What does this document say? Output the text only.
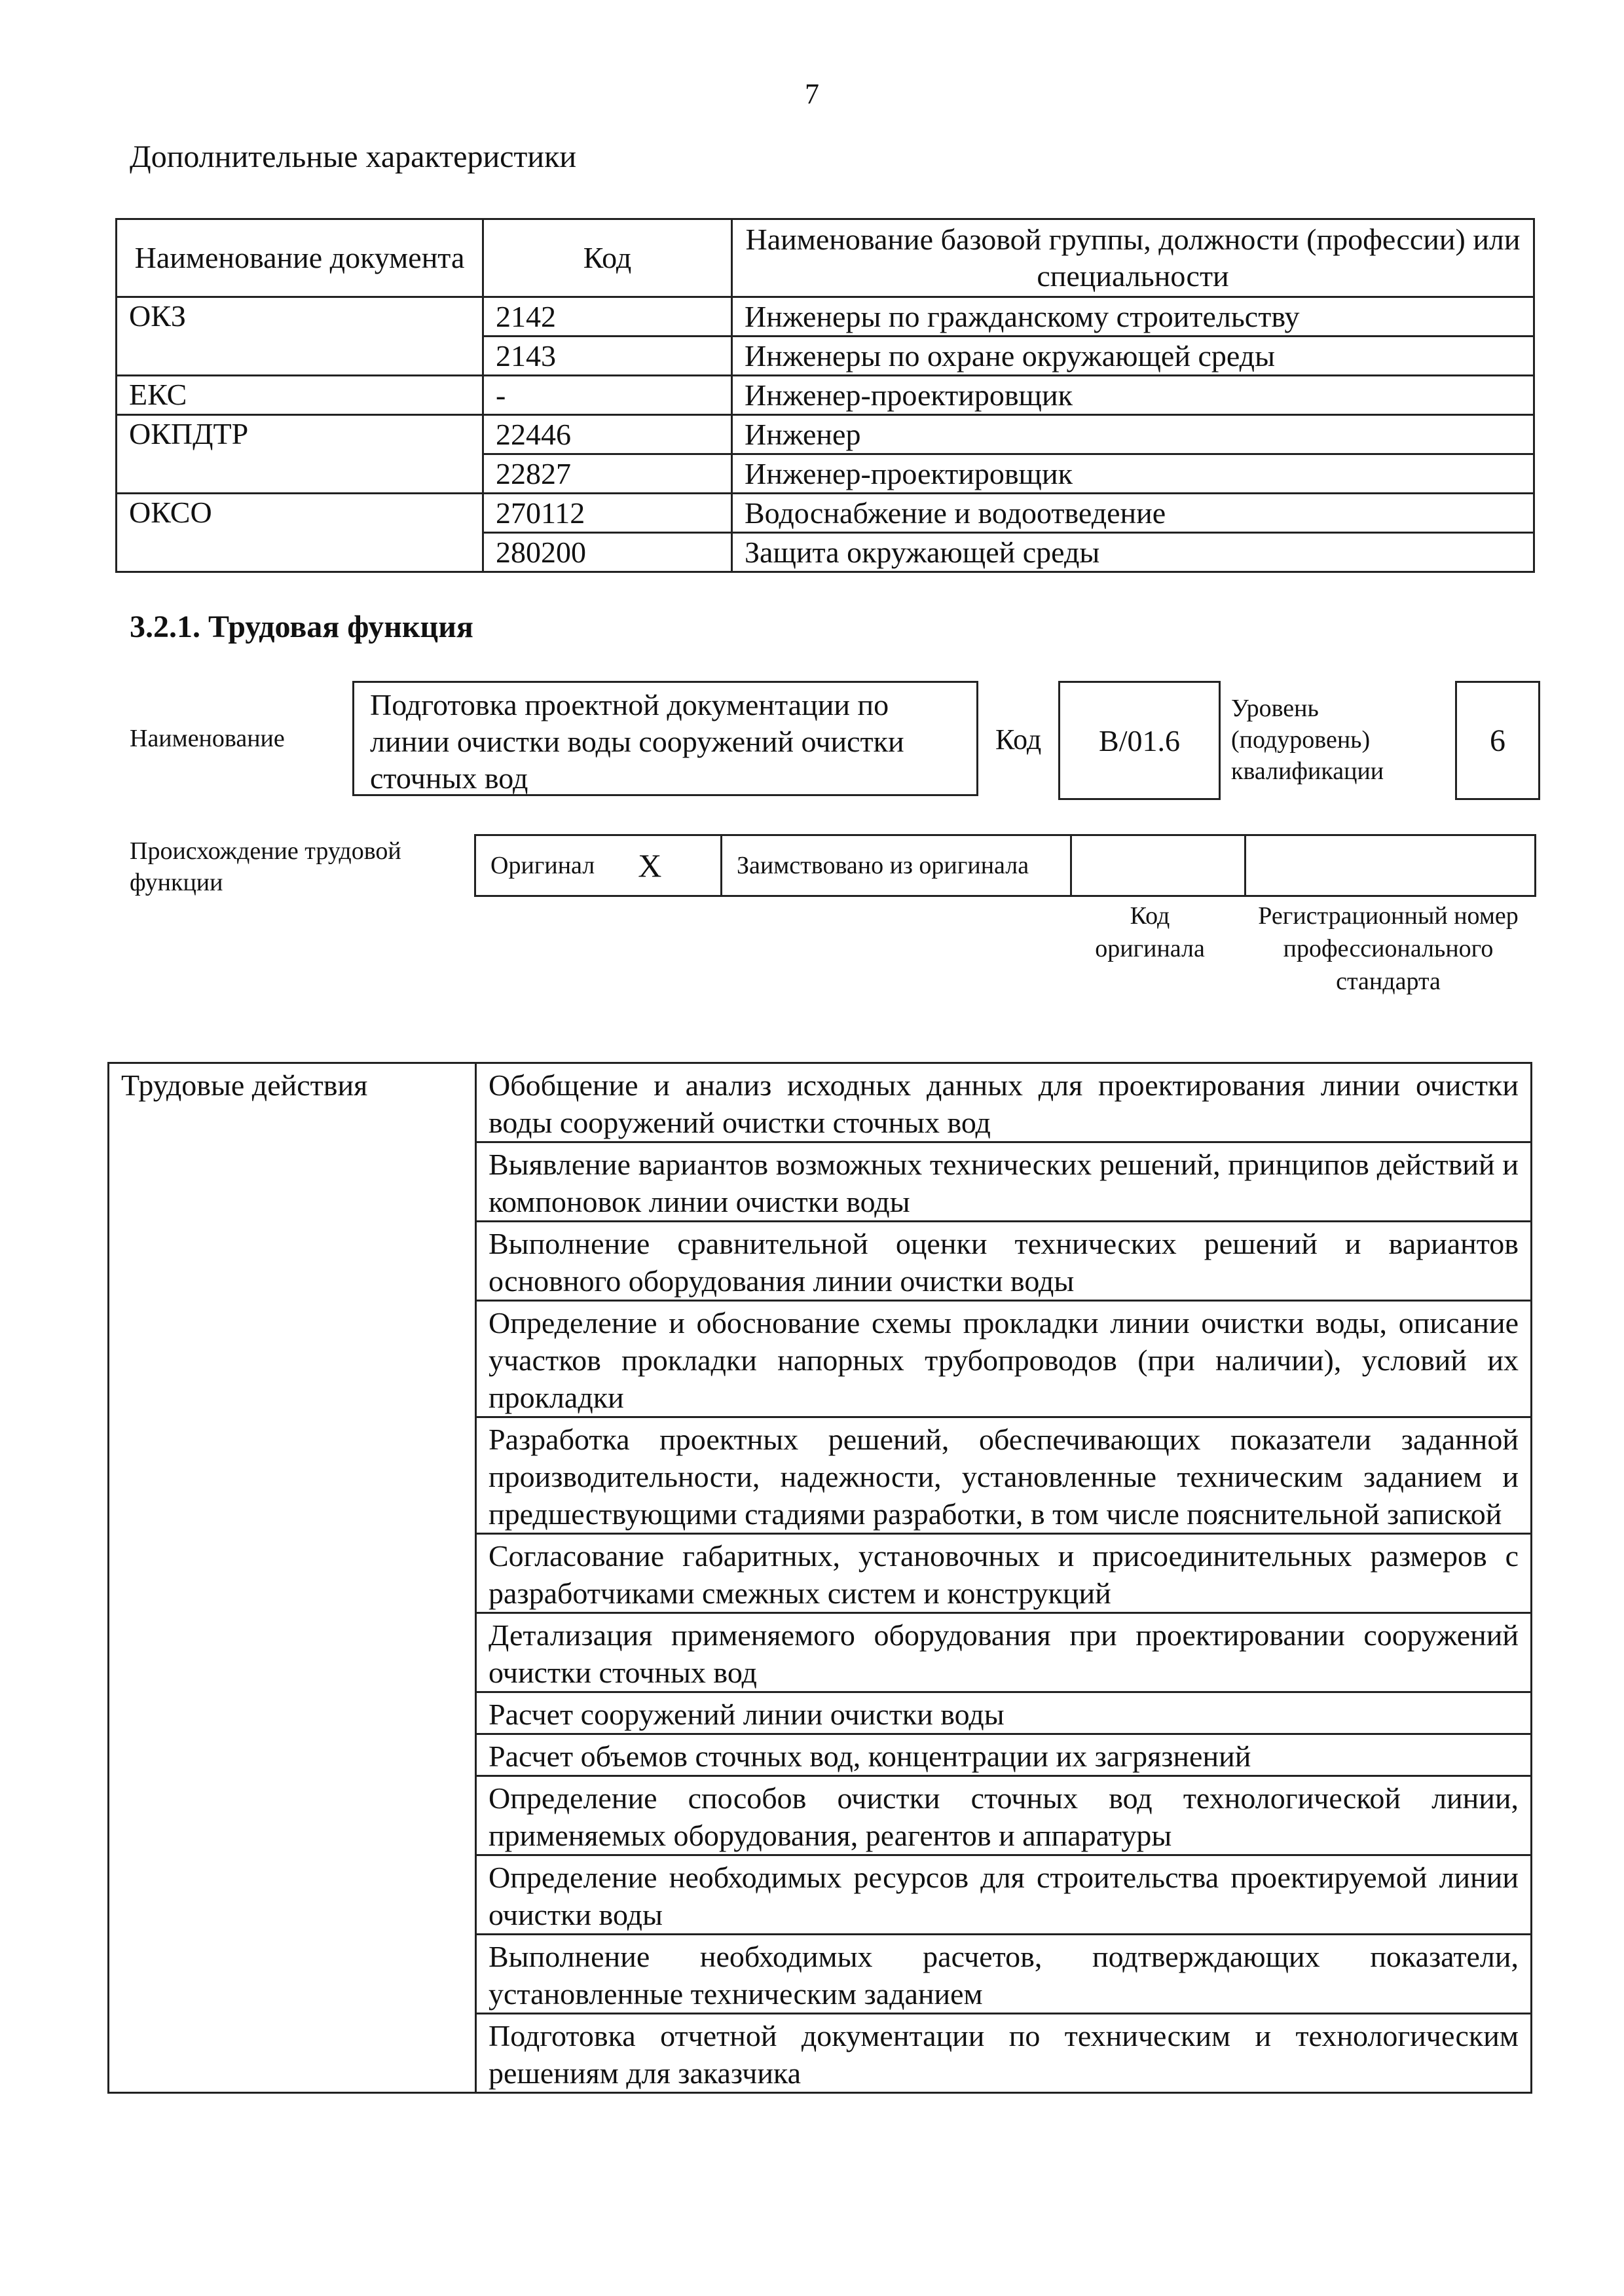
7
Дополнительные характеристики
Наименование документа	Код	Наименование базовой группы, должности (профессии) или специальности
ОКЗ	2142	Инженеры по гражданскому строительству
	2143	Инженеры по охране окружающей среды
ЕКС	-	Инженер-проектировщик
ОКПДТР	22446	Инженер
	22827	Инженер-проектировщик
ОКСО	270112	Водоснабжение и водоотведение
	280200	Защита окружающей среды
3.2.1. Трудовая функция
Наименование
Подготовка проектной документации по линии очистки воды сооружений очистки сточных вод
Код	B/01.6
Уровень (подуровень) квалификации
6
Происхождение трудовой функции
Оригинал X	Заимствовано из оригинала
Код оригинала
Регистрационный номер профессионального стандарта
Трудовые действия	Обобщение и анализ исходных данных для проектирования линии очистки воды сооружений очистки сточных вод
Выявление вариантов возможных технических решений, принципов действий и компоновок линии очистки воды
Выполнение сравнительной оценки технических решений и вариантов основного оборудования линии очистки воды
Определение и обоснование схемы прокладки линии очистки воды, описание участков прокладки напорных трубопроводов (при наличии), условий их прокладки
Разработка проектных решений, обеспечивающих показатели заданной производительности, надежности, установленные техническим заданием и предшествующими стадиями разработки, в том числе пояснительной запиской
Согласование габаритных, установочных и присоединительных размеров с разработчиками смежных систем и конструкций
Детализация применяемого оборудования при проектировании сооружений очистки сточных вод
Расчет сооружений линии очистки воды
Расчет объемов сточных вод, концентрации их загрязнений
Определение способов очистки сточных вод технологической линии, применяемых оборудования, реагентов и аппаратуры
Определение необходимых ресурсов для строительства проектируемой линии очистки воды
Выполнение необходимых расчетов, подтверждающих показатели, установленные техническим заданием
Подготовка отчетной документации по техническим и технологическим решениям для заказчика
